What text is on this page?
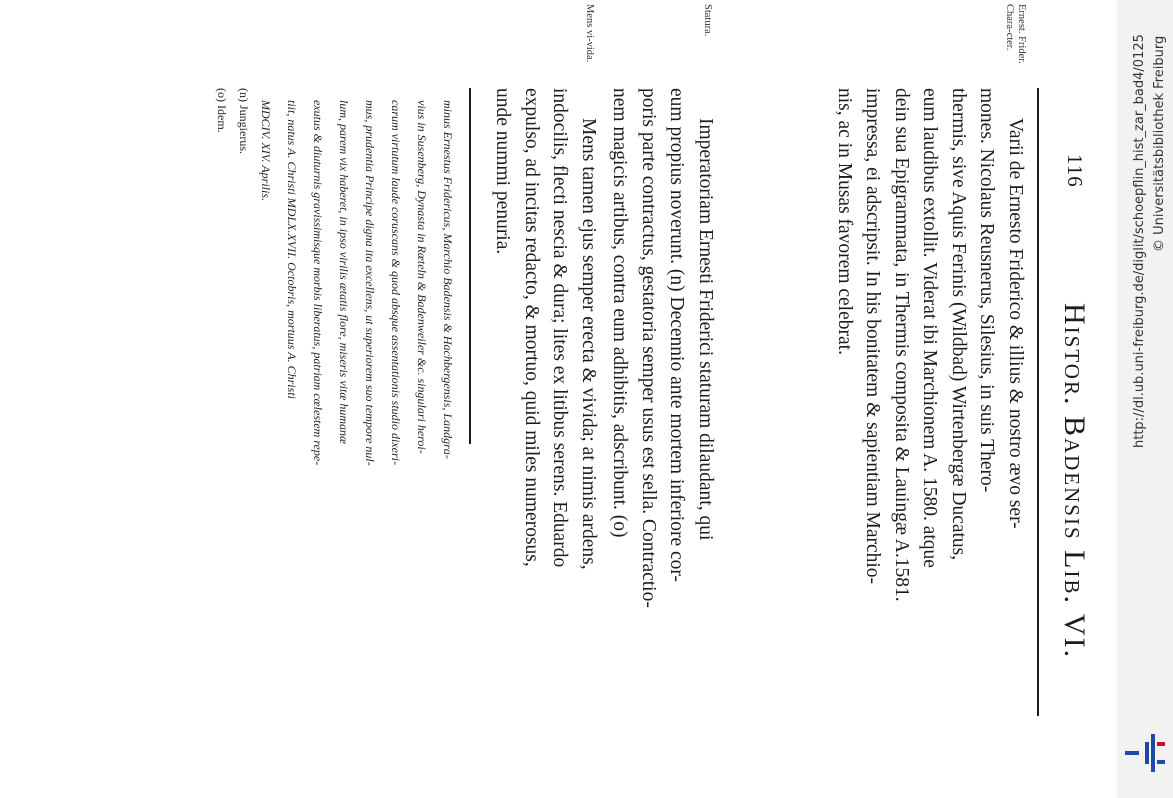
116
Histor. Badensis Lib. VI.
Ernest. Frider. Chara-cter.
Statura.
Mens vi-vida.
Varii de Ernesto Friderico & illius & nostro ævo ser-
mones. Nicolaus Reusnerus, Silesius, in suis Thero-
thermis, sive Aquis Ferinis (Wildbad) Wirtenbergæ Ducatus,
eum laudibus extollit. Viderat ibi Marchionem A. 1580. atque
dein sua Epigrammata, in Thermis composita & Lauingæ A.1581.
impressa, ei adscripsit. In his bonitatem & sapientiam Marchio-
nis, ac in Musas favorem celebrat.
Imperatoriam Ernesti Friderici staturam dilaudant, qui
eum propius noverunt. (n) Decennio ante mortem inferiore cor-
poris parte contractus, gestatoria semper usus est sella. Contractio-
nem magicis artibus, contra eum adhibitis, adscribunt. (o)
Mens tamen ejus semper erecta & vivida; at nimis ardens,
indocilis, flecti nescia & dura; lites ex litibus serens. Eduardo
expulso, ad incitas redacto, & mortuo, quid miles numerosus,
unde nummi penuria.
minus Ernestus Fridericus, Marchio Badensis & Hachbergensis, Landgra-
vius in Susenberg, Dynasta in Rœteln & Badenweiler &c. singulari heroi-
carum virtutum laude coruscans & quod absque assentationis studio dixeri-
mus, prudentia Principe digna ita excellens, ut superiorem suo tempore nul-
lum, parem vix haberet, in ipso virilis ætatis flore, miseris vitæ humanæ
exutus & diuturnis gravissimisque morbis liberatus, patriam cœlestem repe-
tiit, natus A. Christi MDLX.XVII. Octobris, mortuus A. Christi
MDCIV. XIV. Aprilis.
(n) Jungierus.
(o) Idem.	http://dl.ub.uni-freiburg.de/diglit/schoepflin_hist_zar_bad4/0125 © Universitätsbibliothek Freiburg
